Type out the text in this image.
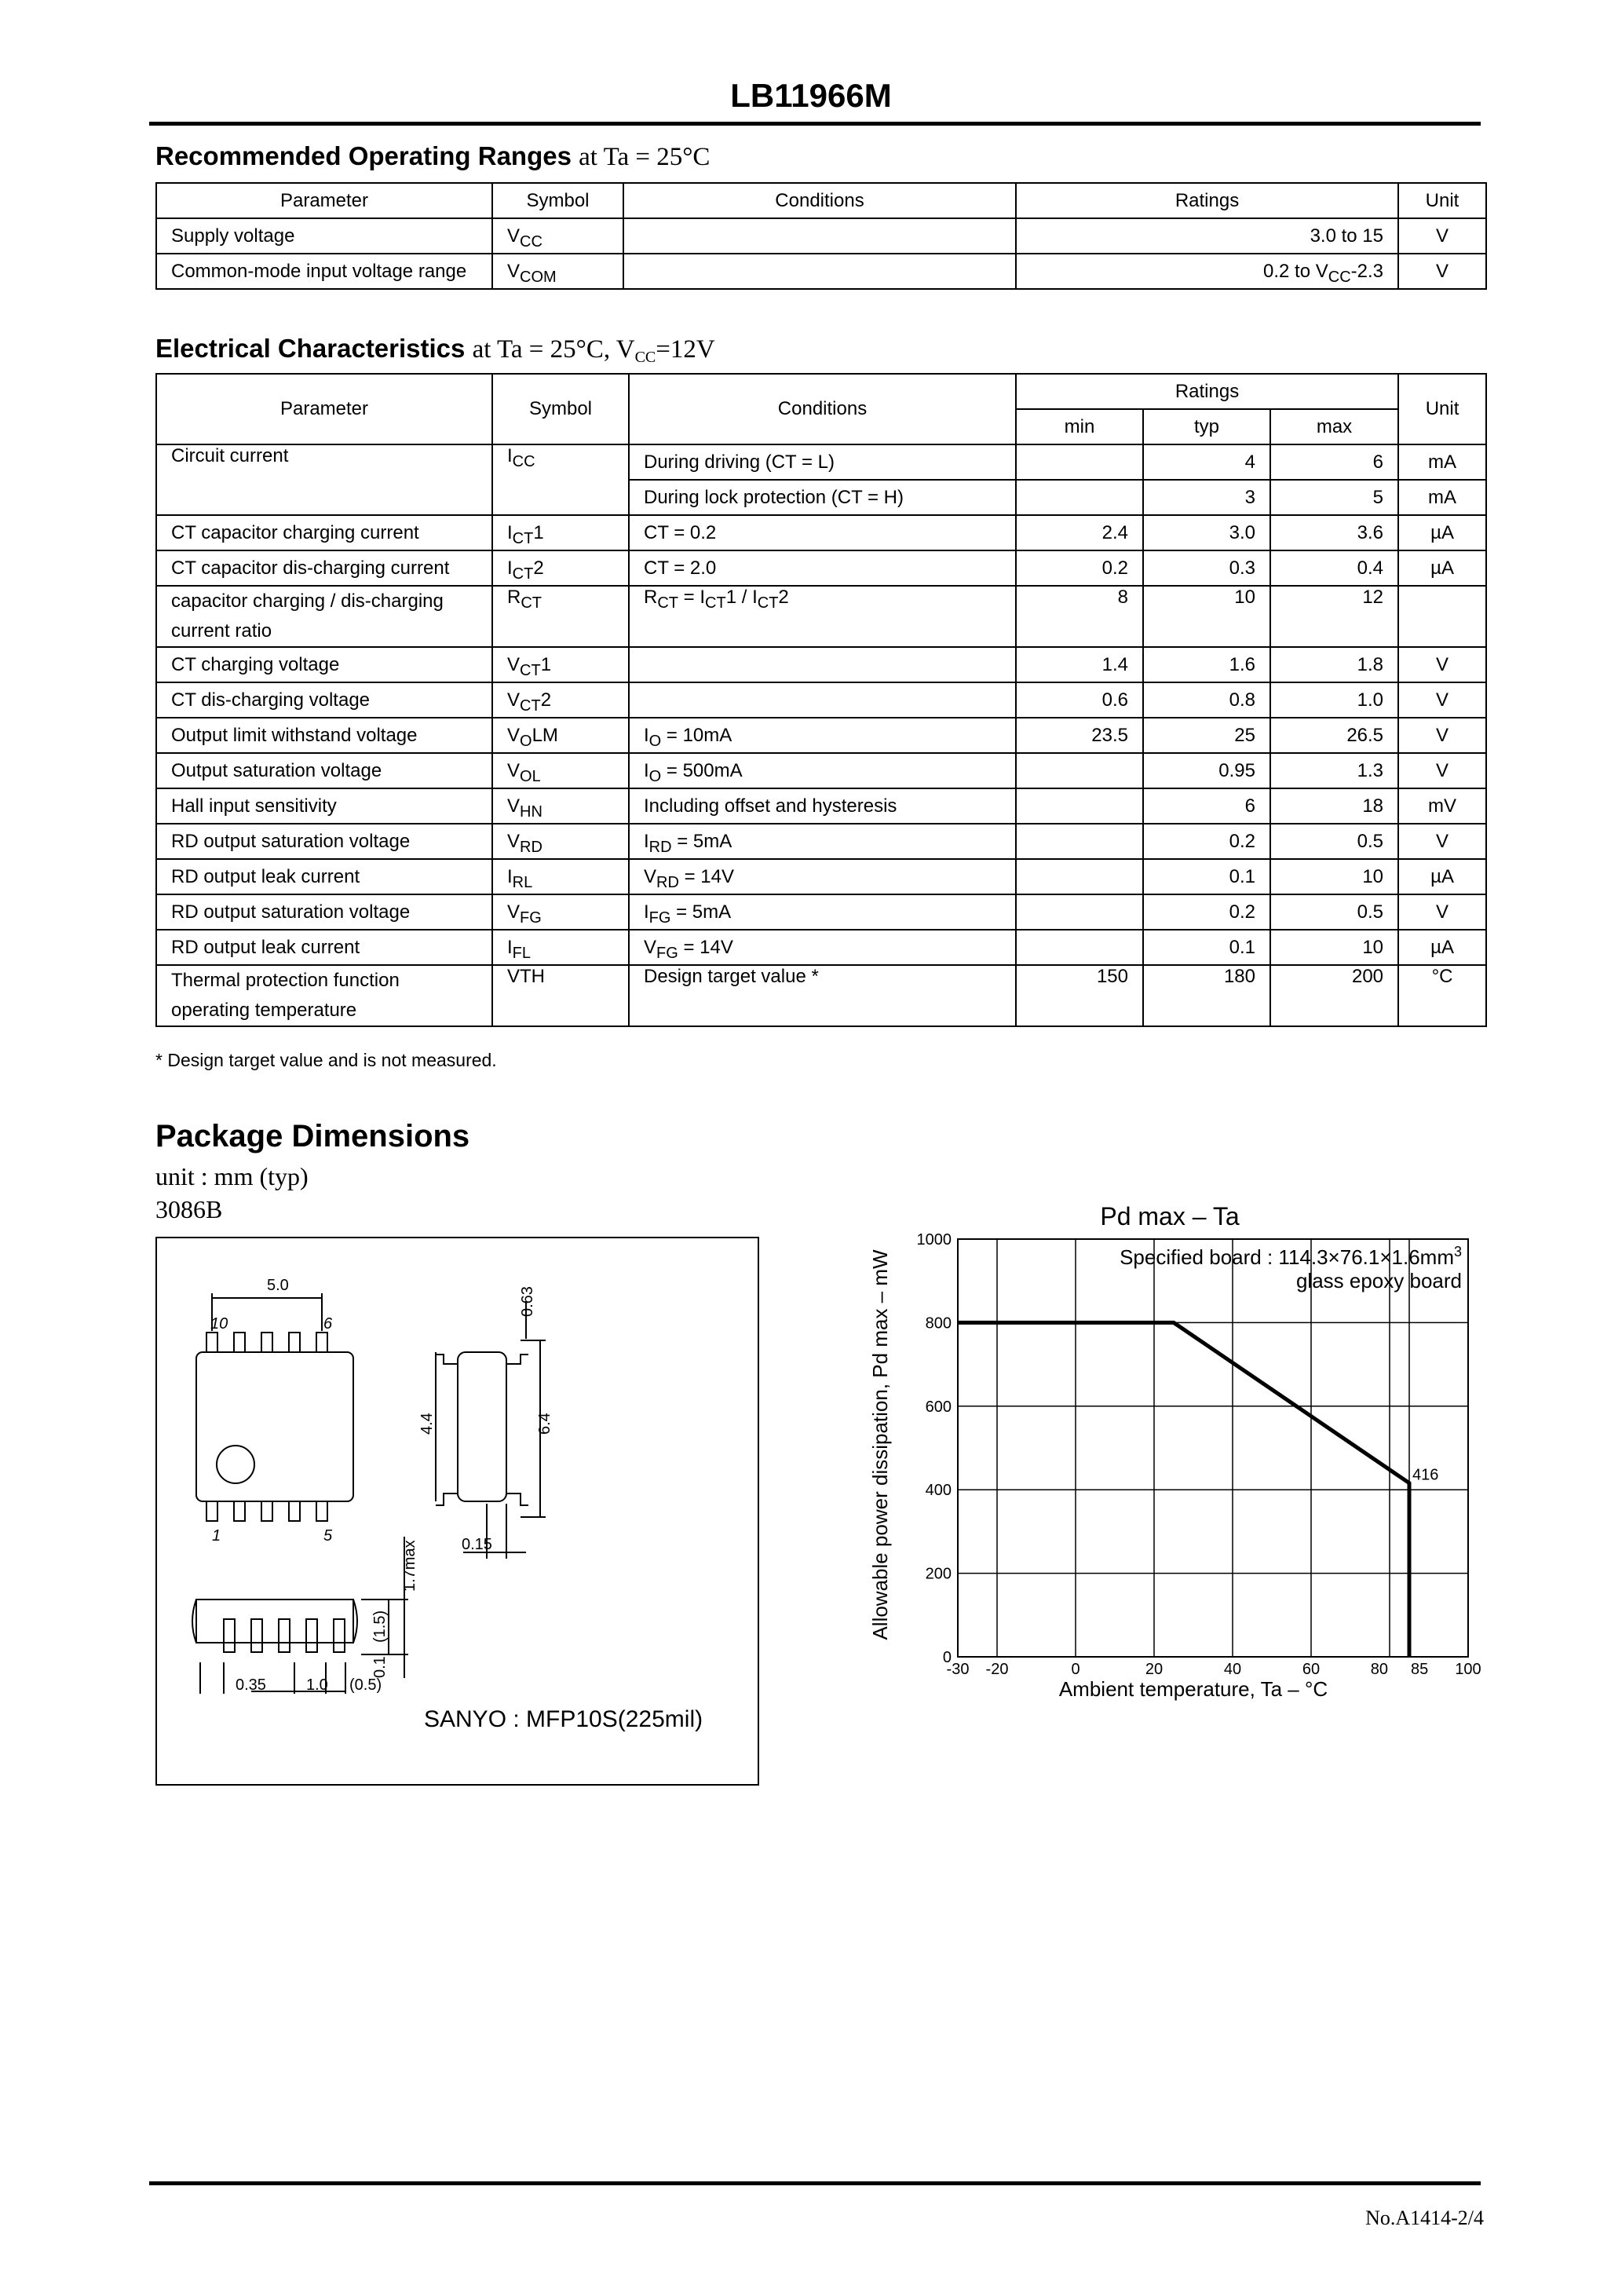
LB11966M
Recommended Operating Ranges at Ta = 25°C
Parameter	Symbol	Conditions	Ratings	Unit
Supply voltage	$V_{CC}$		3.0 to 15	V
Common-mode input voltage range	$V_{COM}$		0.2 to $V_{CC}-2.3$	V
Electrical Characteristics at Ta = 25°C, $V_{CC}=12V$
Parameter	Symbol	Conditions	Ratings			Unit
			min	typ	max	
Circuit current	$I_{CC}$	During driving (CT = L)		4	6	mA
		During lock protection (CT = H)		3	5	mA
CT capacitor charging current	$I_{CT}1$	CT = 0.2	2.4	3.0	3.6	µA
CT capacitor dis-charging current	$I_{CT}2$	CT = 2.0	0.2	0.3	0.4	µA

capacitor charging / dis-charging
current ratio	$R_{CT}$	$R_{CT} = I_{CT}1 / I_{CT}2$	8	10	12	
CT charging voltage	$V_{CT}1$		1.4	1.6	1.8	V
CT dis-charging voltage	$V_{CT}2$		0.6	0.8	1.0	V
Output limit withstand voltage	$V_OLM$	$I_O = 10mA$	23.5	25	26.5	V
Output saturation voltage	$V_{OL}$	$I_O = 500mA$		0.95	1.3	V
Hall input sensitivity	$V_{HN}$	Including offset and hysteresis		6	18	mV
RD output saturation voltage	$V_{RD}$	$I_{RD} = 5mA$		0.2	0.5	V
RD output leak current	$I_{RL}$	$V_{RD} = 14V$		0.1	10	µA
RD output saturation voltage	$V_{FG}$	$I_{FG} = 5mA$		0.2	0.5	V
RD output leak current	$I_{FL}$	$V_{FG} = 14V$		0.1	10	µA

Thermal protection function
operating temperature	VTH	Design target value *	150	180	200	°C
* Design target value and is not measured.
Package Dimensions
unit : mm (typ)
3086B
5.0
10	6
1	5
0.63
4.4	6.4
0.15
1.7max
(1.5)
0.1
0.35	1.0 (0.5)
SANYO : MFP10S(225mil)
Pd max – Ta
-30 -20	0	20	40	60	80 85 100
0
200
400
600
800
1000
416
Specified board : $114.3\times 76.1\times 1.6mm^3$
glass epoxy board
Ambient temperature, Ta – °C
Allowable power dissipation, Pd max – mW
No.A1414-2/4
